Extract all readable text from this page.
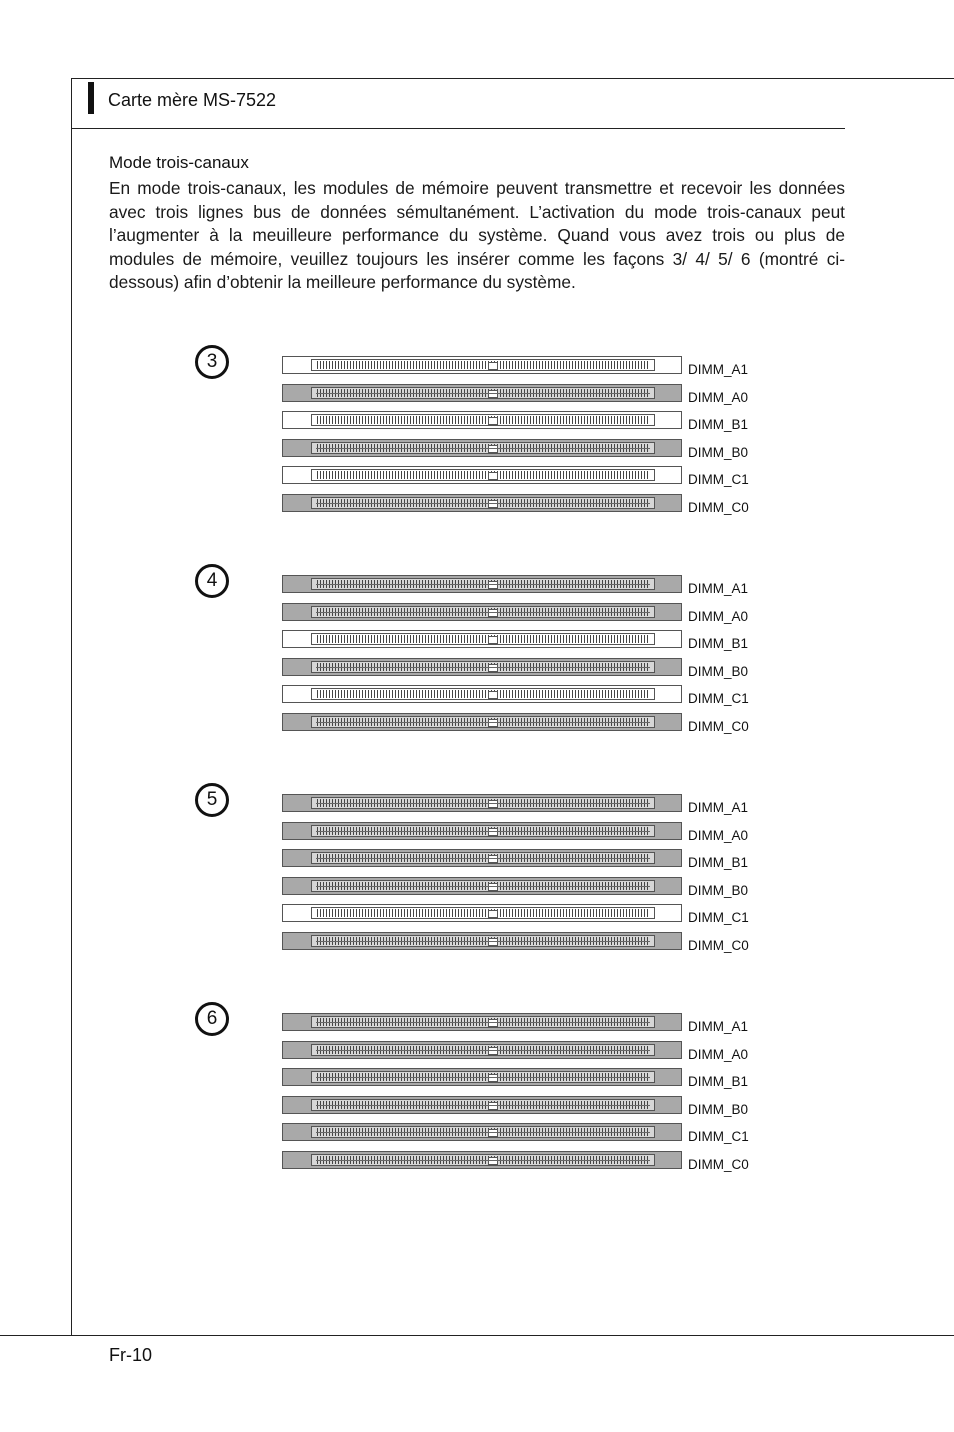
Carte mère MS-7522
Mode trois-canaux

En mode trois-canaux, les modules de mémoire peuvent transmettre et recevoir les données avec trois lignes bus de données sémultanément. L’activation du mode trois-canaux peut l’augmenter à la meuilleure performance du système. Quand vous avez trois ou plus de modules de mémoire, veuillez toujours les insérer comme les façons 3/ 4/ 5/ 6 (montré ci-dessous) afin d’obtenir la meilleure performance du système.

3	DIMM_A1
DIMM_A0
DIMM_B1
DIMM_B0
DIMM_C1
DIMM_C0
4	DIMM_A1
DIMM_A0
DIMM_B1
DIMM_B0
DIMM_C1
DIMM_C0
5	DIMM_A1
DIMM_A0
DIMM_B1
DIMM_B0
DIMM_C1
DIMM_C0
6	DIMM_A1
DIMM_A0
DIMM_B1
DIMM_B0
DIMM_C1
DIMM_C0
Fr-10
